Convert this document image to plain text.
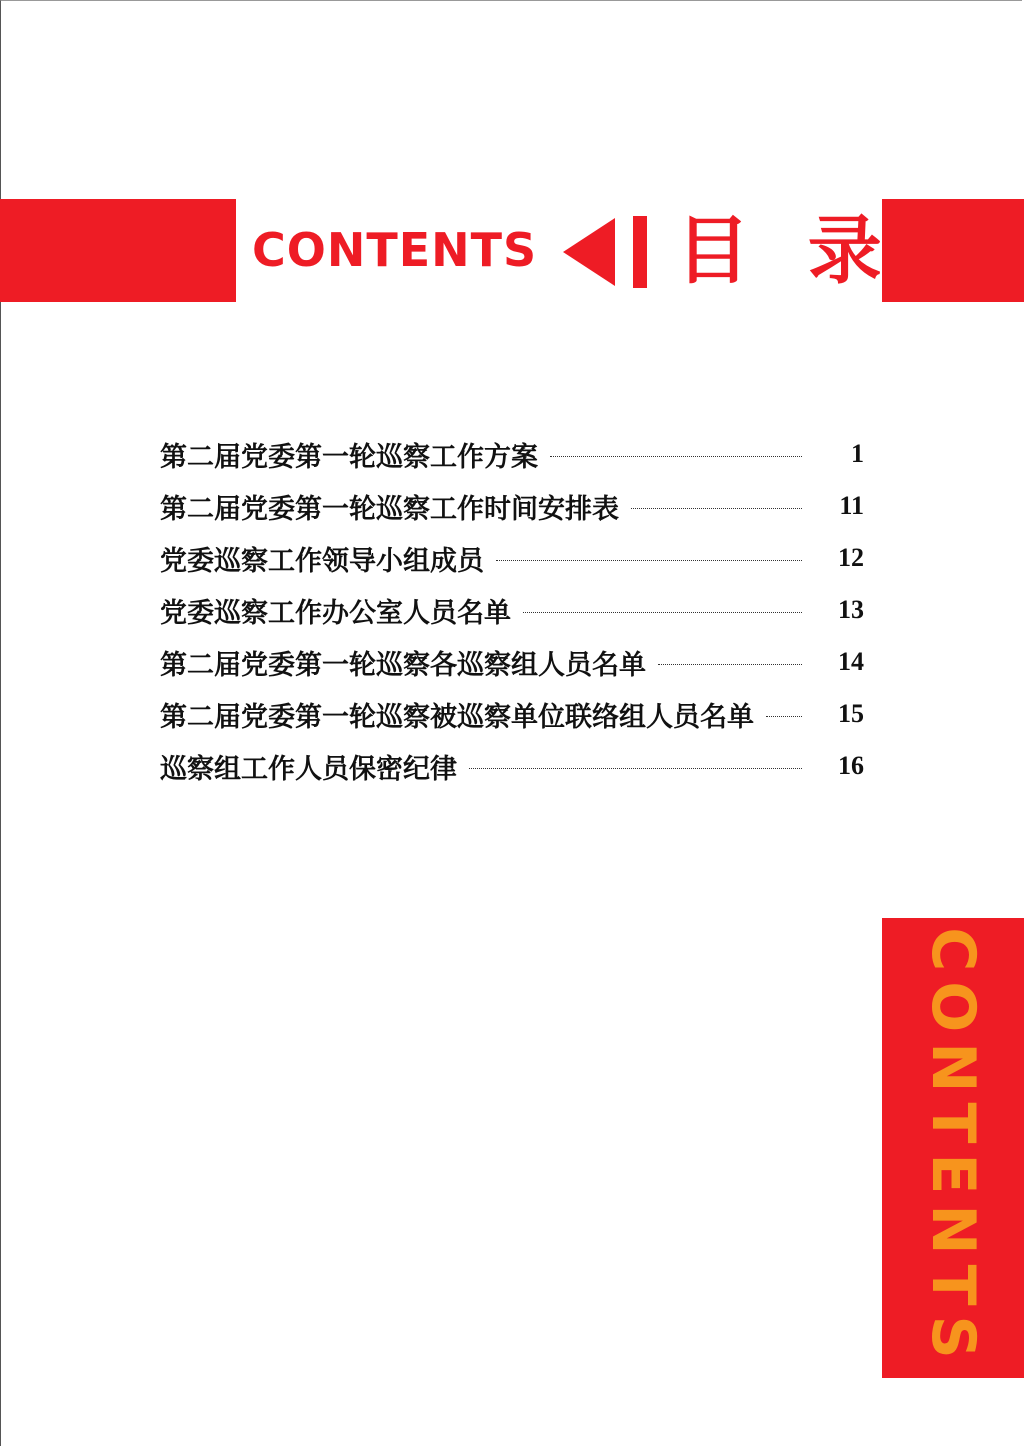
CONTENTS 目 录
第二届党委第一轮巡察工作方案	1
第二届党委第一轮巡察工作时间安排表	11
党委巡察工作领导小组成员	12
党委巡察工作办公室人员名单	13
第二届党委第一轮巡察各巡察组人员名单	14
第二届党委第一轮巡察被巡察单位联络组人员名单	15
巡察组工作人员保密纪律	16
CONTENTS
